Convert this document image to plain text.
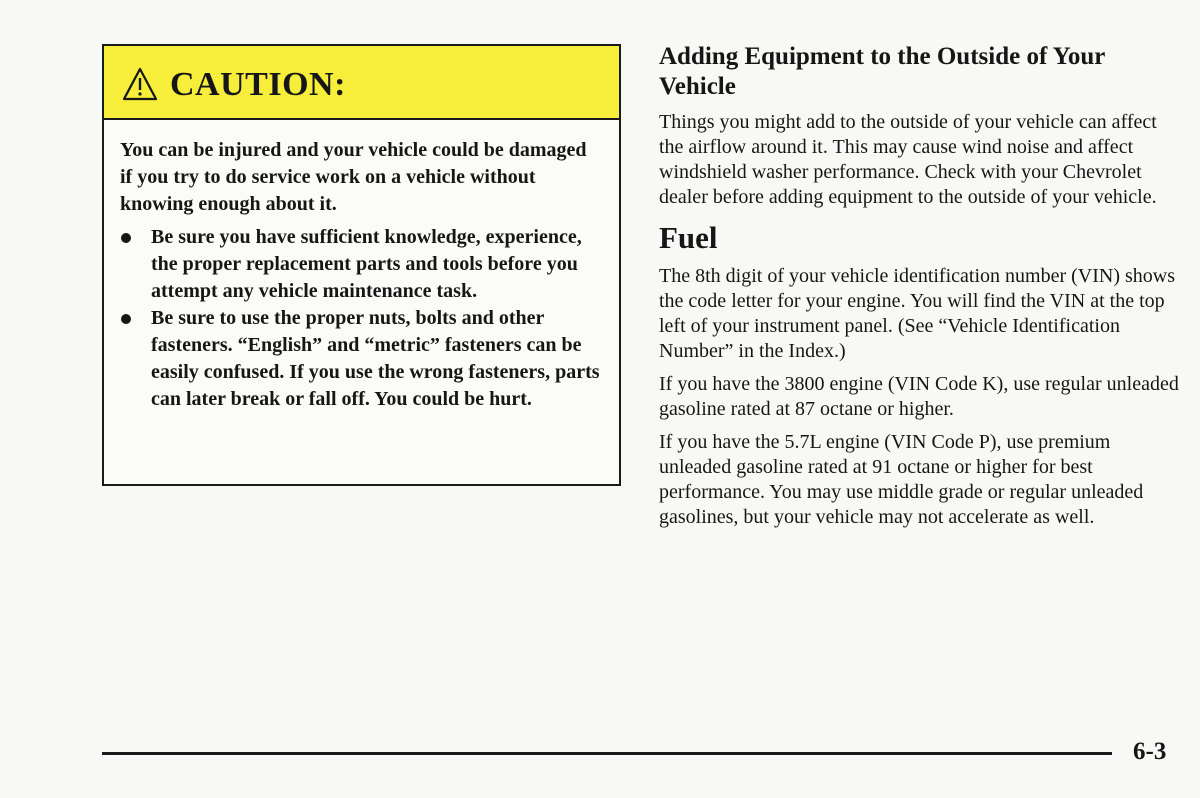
CAUTION:

You can be injured and your vehicle could be damaged if you try to do service work on a vehicle without knowing enough about it.

Be sure you have sufficient knowledge, experience, the proper replacement parts and tools before you attempt any vehicle maintenance task.
Be sure to use the proper nuts, bolts and other fasteners. “English” and “metric” fasteners can be easily confused. If you use the wrong fasteners, parts can later break or fall off. You could be hurt.
Adding Equipment to the Outside of Your Vehicle

Things you might add to the outside of your vehicle can affect the airflow around it. This may cause wind noise and affect windshield washer performance. Check with your Chevrolet dealer before adding equipment to the outside of your vehicle.

Fuel

The 8th digit of your vehicle identification number (VIN) shows the code letter for your engine. You will find the VIN at the top left of your instrument panel. (See “Vehicle Identification Number” in the Index.)

If you have the 3800 engine (VIN Code K), use regular unleaded gasoline rated at 87 octane or higher.

If you have the 5.7L engine (VIN Code P), use premium unleaded gasoline rated at 91 octane or higher for best performance. You may use middle grade or regular unleaded gasolines, but your vehicle may not accelerate as well.

6-3
